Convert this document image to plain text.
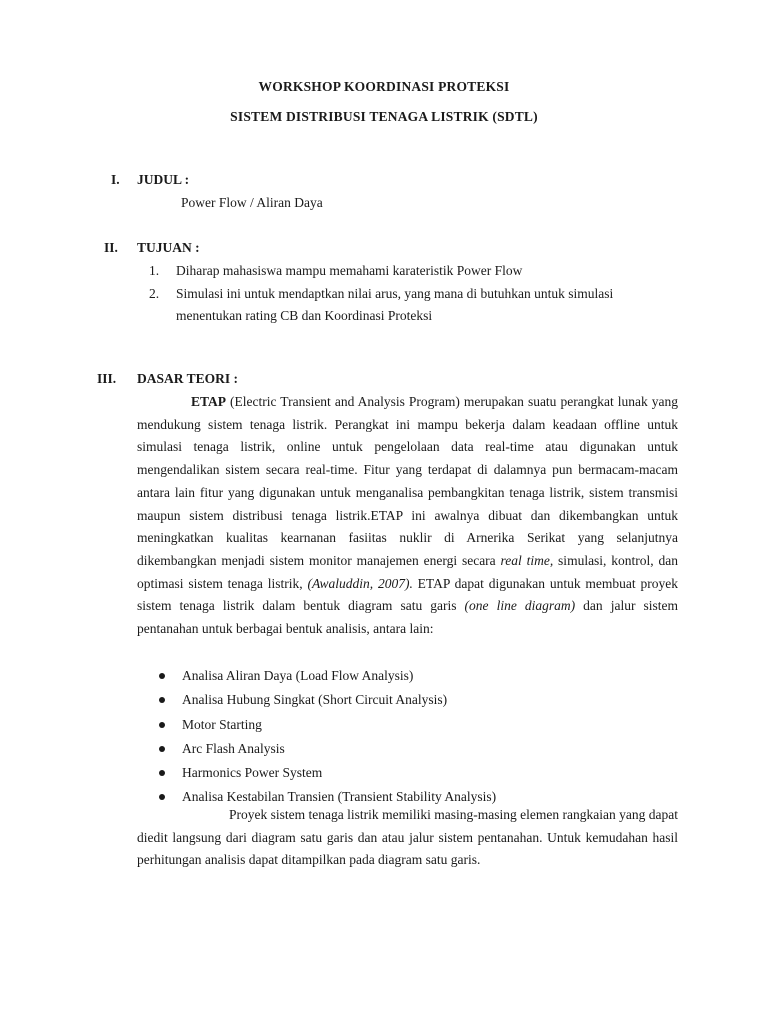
WORKSHOP KOORDINASI PROTEKSI
SISTEM DISTRIBUSI TENAGA LISTRIK (SDTL)
I. JUDUL :
Power Flow / Aliran Daya
II. TUJUAN :
1. Diharap mahasiswa mampu memahami karateristik Power Flow
2. Simulasi ini untuk mendaptkan nilai arus, yang mana di butuhkan untuk simulasi
menentukan rating CB dan Koordinasi Proteksi
III. DASAR TEORI :

ETAP (Electric Transient and Analysis Program) merupakan suatu perangkat lunak yang mendukung sistem tenaga listrik. Perangkat ini mampu bekerja dalam keadaan offline untuk simulasi tenaga listrik, online untuk pengelolaan data real-time atau digunakan untuk mengendalikan sistem secara real-time. Fitur yang terdapat di dalamnya pun bermacam-macam antara lain fitur yang digunakan untuk menganalisa pembangkitan tenaga listrik, sistem transmisi maupun sistem distribusi tenaga listrik.ETAP ini awalnya dibuat dan dikembangkan untuk meningkatkan kualitas kearnanan fasiitas nuklir di Arnerika Serikat yang selanjutnya dikembangkan menjadi sistem monitor manajemen energi secara real time, simulasi, kontrol, dan optimasi sistem tenaga listrik, (Awaluddin, 2007). ETAP dapat digunakan untuk membuat proyek sistem tenaga listrik dalam bentuk diagram satu garis (one line diagram) dan jalur sistem pentanahan untuk berbagai bentuk analisis, antara lain:

Analisa Aliran Daya (Load Flow Analysis)
Analisa Hubung Singkat (Short Circuit Analysis)
Motor Starting
Arc Flash Analysis
Harmonics Power System
Analisa Kestabilan Transien (Transient Stability Analysis)

Proyek sistem tenaga listrik memiliki masing-masing elemen rangkaian yang dapat diedit langsung dari diagram satu garis dan atau jalur sistem pentanahan. Untuk kemudahan hasil perhitungan analisis dapat ditampilkan pada diagram satu garis.
